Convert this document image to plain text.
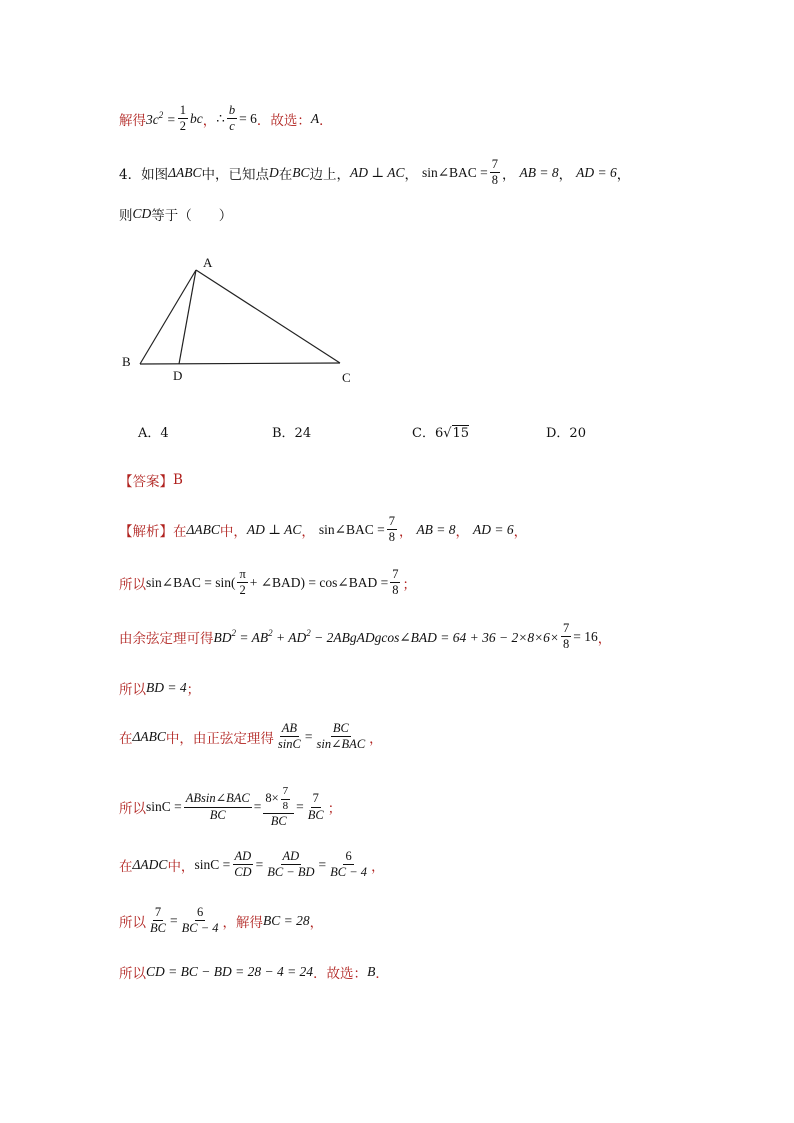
解得 $3c^2 = \frac{1}{2}$ bc ， ∴ $\frac{b}{c} = 6$ ．故选： A ．
4． 如图 ΔABC 中，已知点 D 在 BC 边上， AD ⊥ AC ， sin∠BAC = $\frac{7}{8}$ ， AB = 8 ， AD = 6 ，
则 CD 等于（　　）
A
B
C
D
A．4	B．24	C．6√15	D．20
【答案】 B
【解析】 在 ΔABC 中， AD ⊥ AC ， sin∠BAC = $\frac{7}{8}$ ， AB = 8 ， AD = 6 ，
所以 sin∠BAC = $\sin( \frac{\pi}{2}$ + ∠BAD) = cos∠BAD = $\frac{7}{8}$ ；
由余弦定理可得 $BD^2 = AB^2 + AD^2$ − 2ABgADgcos∠BAD = $64 + 36 - 2\times 8\times 6\times \frac{7}{8} = 16$ ，
所以 BD = 4 ；
在 ΔABC 中，由正弦定理得 $\frac{AB}{\sin C} = \frac{BC}{\text{sin∠BAC}}$ ，
所以 $\sin C = \frac{\text{ABsin∠BAC}}{BC} = \frac{8\times \frac{7}{8}}{BC} = \frac{7}{BC}$ ；
在 ΔADC 中， $\sin C = \frac{AD}{CD} = \frac{AD}{BC - BD} = \frac{6}{BC - 4}$ ，
所以 $\frac{7}{BC} = \frac{6}{BC - 4}$ ，解得 BC = 28 ，
所以 CD = BC − BD = 28 − 4 = 24 ．故选： B ．
